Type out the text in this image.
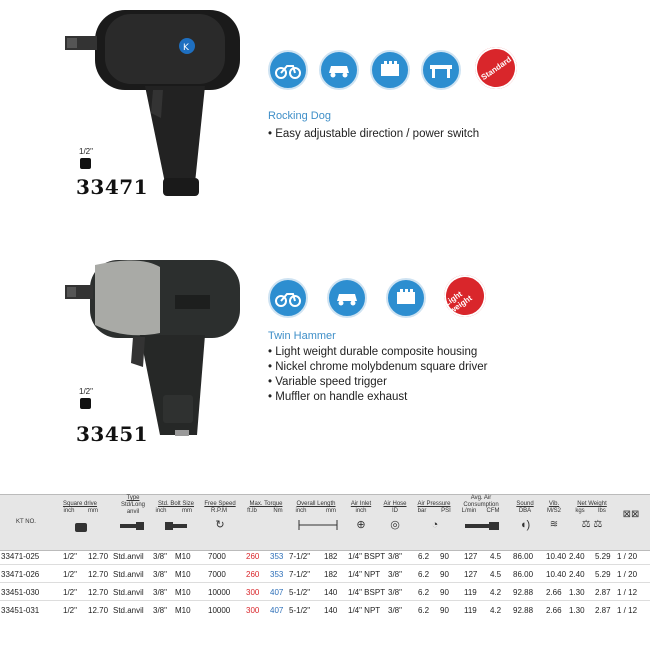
K
1/2"
33471
Standard
Rocking Dog
• Easy adjustable direction / power switch
1/2"
33451
Light weight
Twin Hammer
• Light weight durable composite housing
• Nickel chrome molybdenum square driver
• Variable speed trigger
• Muffler on handle exhaust
KT NO.
Square drive
inch	mm
Type
Std/Long anvil
Std. Bolt Size
inch	mm
Free Speed
R.P.M
↻
Max. Torque
ft.lb	Nm
Overall Length
inch	mm
Air Inlet
inch
⊕
Air Hose
ID
◎
Air Pressure
bar	PSI
◔
Avg. Air Consumption
L/min	CFM
Sound
DBA
◖)
Vib.
M/S2
≋
Net Weight
kgs	lbs
⚖ ⚖
⊠⊠
33471-025	1/2" 12.70 Std.anvil 3/8" M10 7000	260 353 7-1/2" 182 1/4" BSPT 3/8" 6.2 90 127 4.5 86.00 10.40 2.40 5.29 1 / 20
33471-026	1/2" 12.70 Std.anvil 3/8" M10 7000	260 353 7-1/2" 182 1/4" NPT 3/8" 6.2 90 127 4.5 86.00 10.40 2.40 5.29 1 / 20
33451-030	1/2" 12.70 Std.anvil 3/8" M10 10000 300 407 5-1/2" 140 1/4" BSPT 3/8" 6.2 90 119 4.2 92.88 2.66 1.30 2.87 1 / 12
33451-031	1/2" 12.70 Std.anvil 3/8" M10 10000 300 407 5-1/2" 140 1/4" NPT 3/8" 6.2 90 119 4.2 92.88 2.66 1.30 2.87 1 / 12
